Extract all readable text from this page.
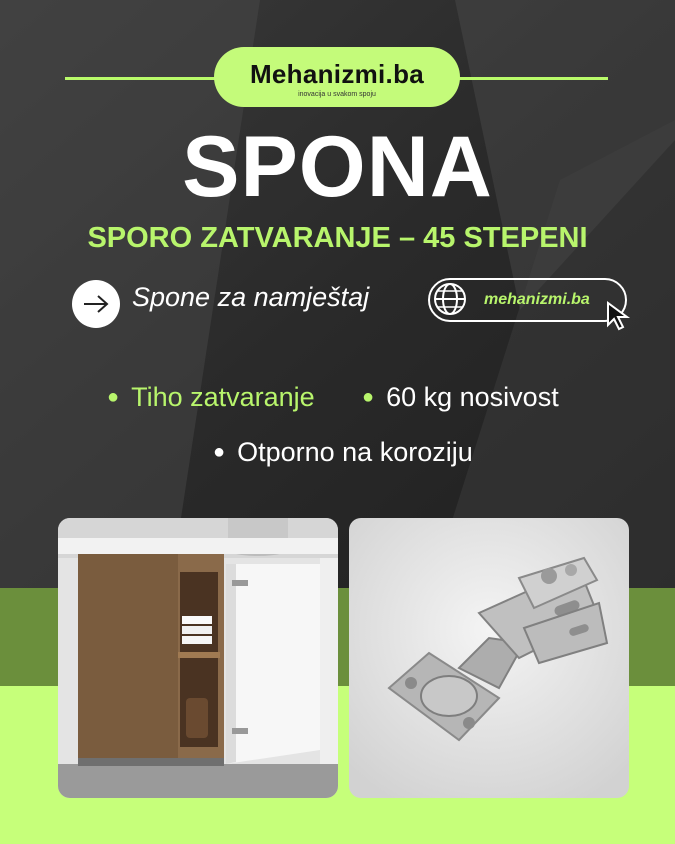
Mehanizmi.ba
inovacija u svakom spoju
SPONA
SPORO ZATVARANJE – 45 STEPENI
Spone za namještaj	mehanizmi.ba
● Tiho zatvaranje ● 60 kg nosivost
● Otporno na koroziju
